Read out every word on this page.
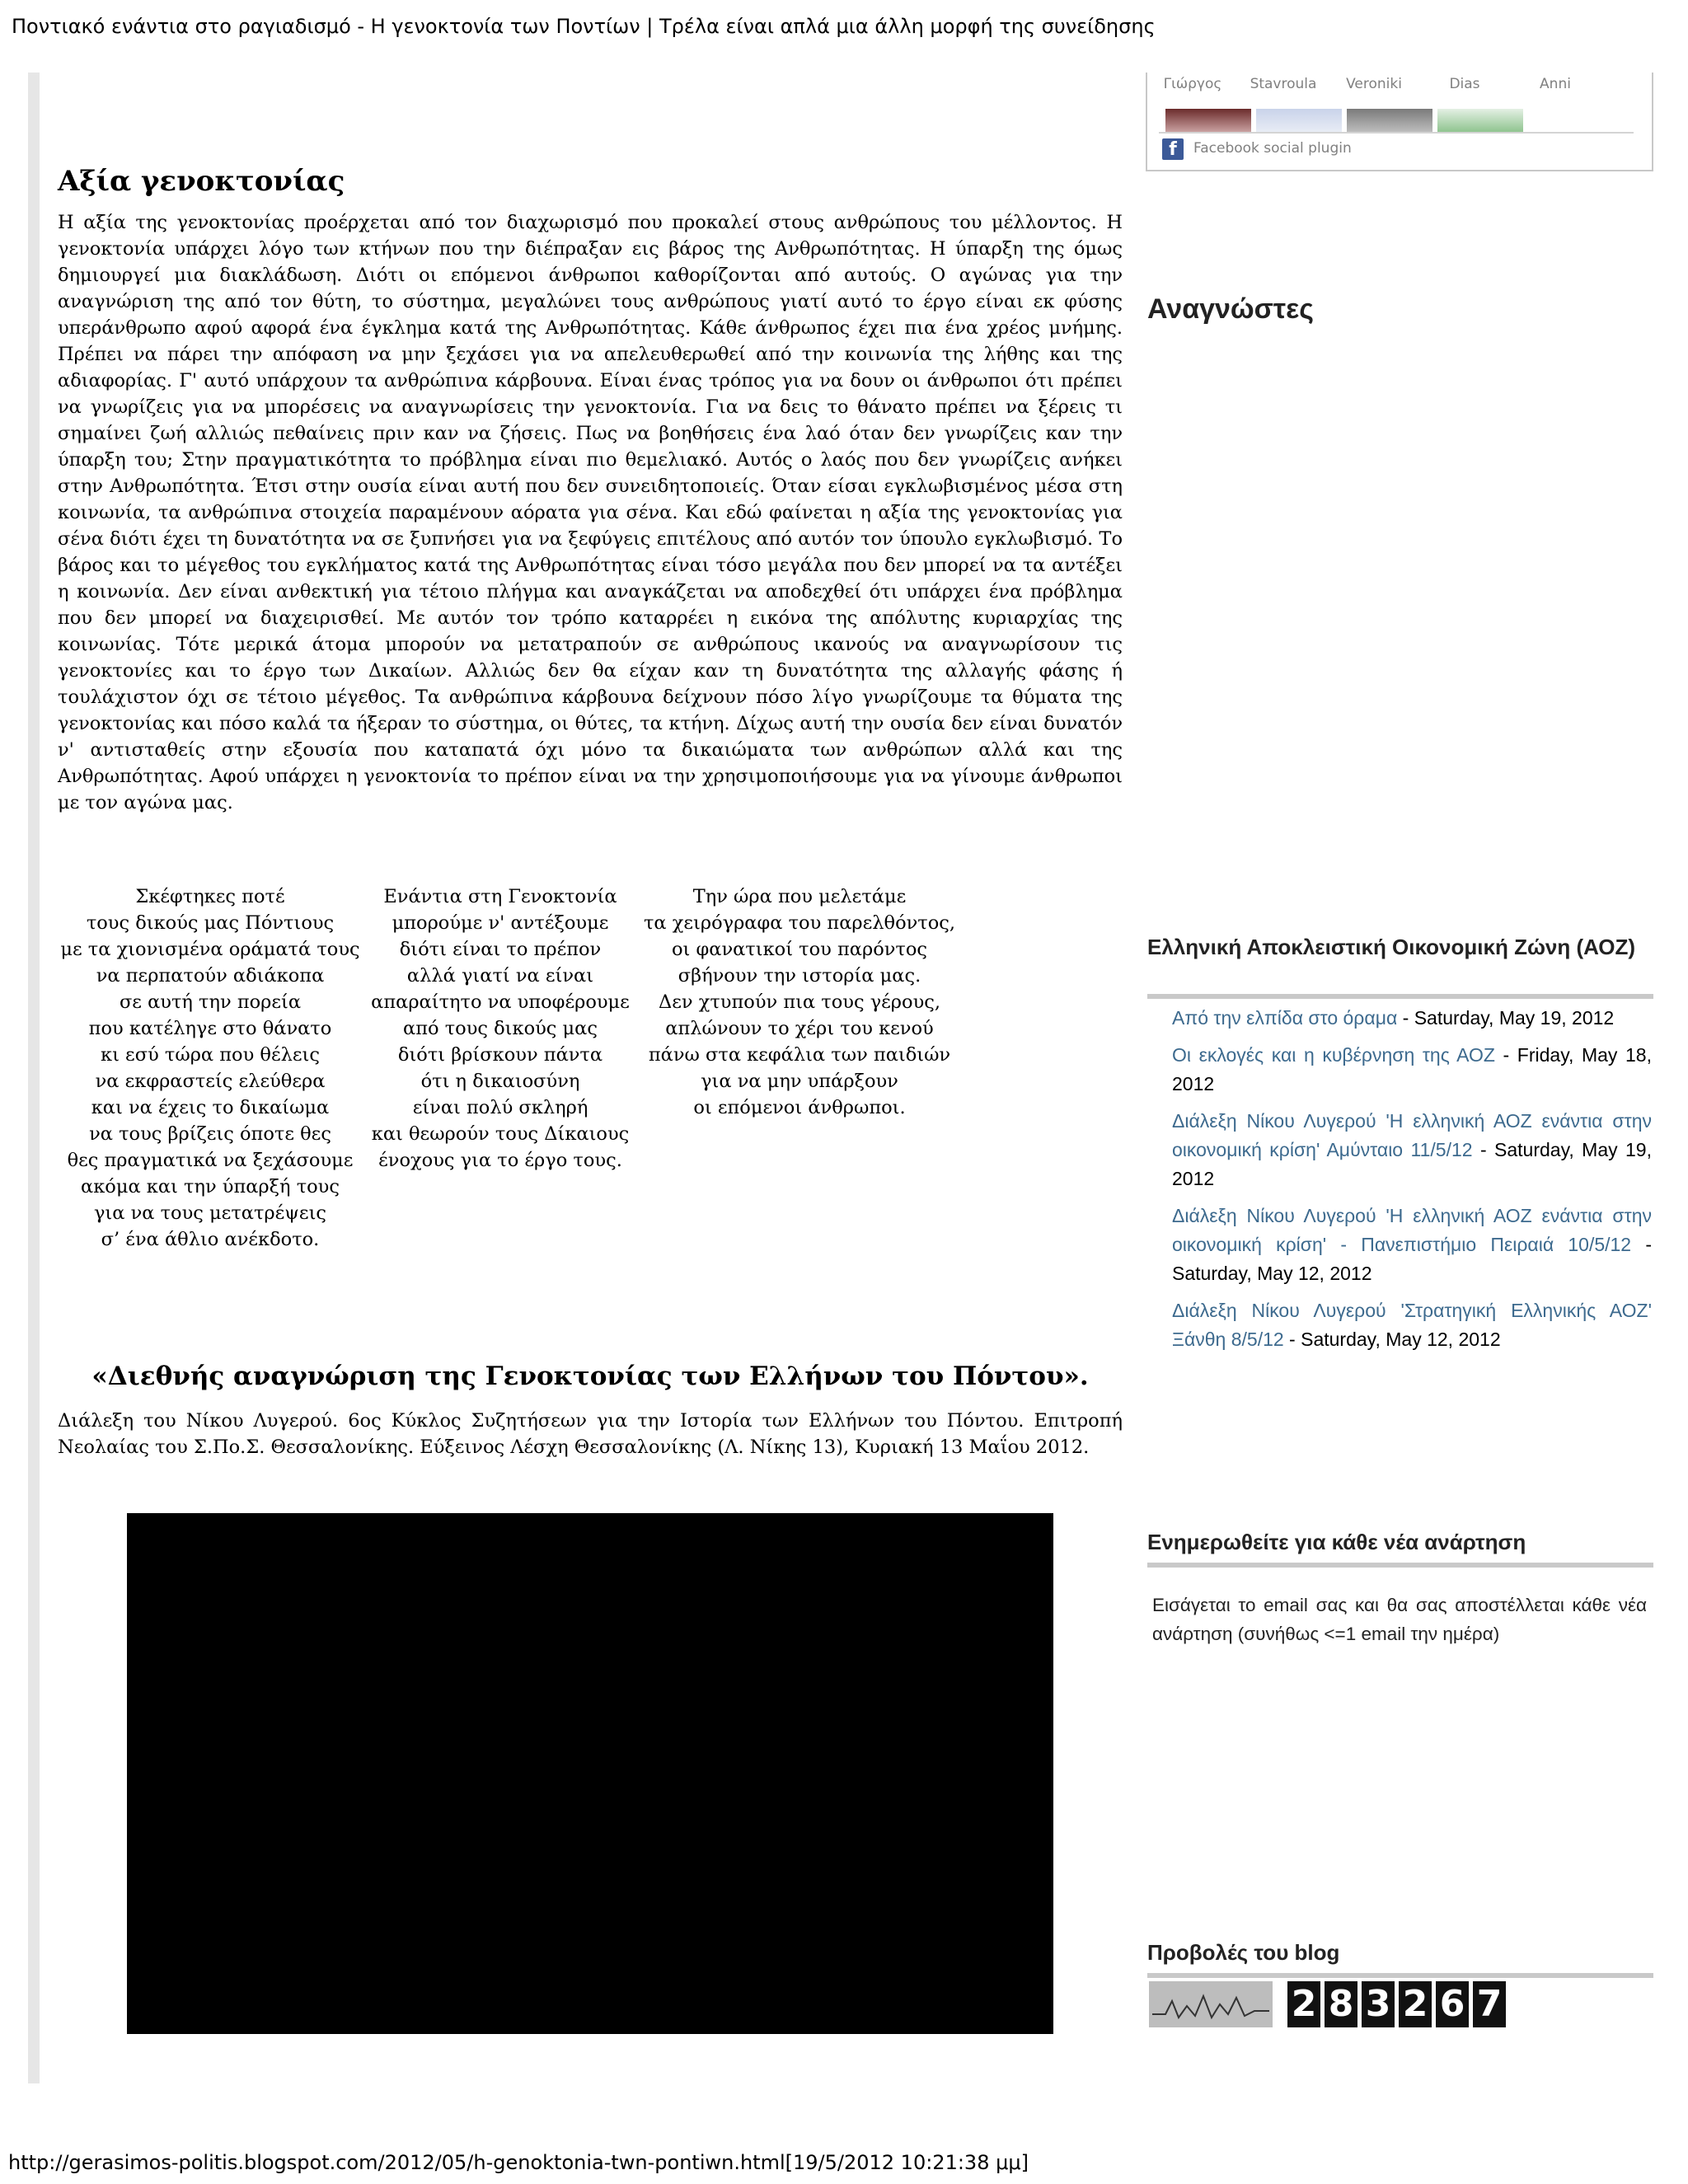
Ποντιακό ενάντια στο ραγιαδισμό - Η γενοκτονία των Ποντίων | Τρέλα είναι απλά μια άλλη μορφή της συνείδησης
Αξία γενοκτονίας

Η αξία της γενοκτονίας προέρχεται από τον διαχωρισμό που προκαλεί στους ανθρώπους του μέλλοντος. Η γενοκτονία υπάρχει λόγο των κτήνων που την διέπραξαν εις βάρος της Ανθρωπότητας. Η ύπαρξη της όμως δημιουργεί μια διακλάδωση. Διότι οι επόμενοι άνθρωποι καθορίζονται από αυτούς. Ο αγώνας για την αναγνώριση της από τον θύτη, το σύστημα, μεγαλώνει τους ανθρώπους γιατί αυτό το έργο είναι εκ φύσης υπεράνθρωπο αφού αφορά ένα έγκλημα κατά της Ανθρωπότητας. Κάθε άνθρωπος έχει πια ένα χρέος μνήμης. Πρέπει να πάρει την απόφαση να μην ξεχάσει για να απελευθερωθεί από την κοινωνία της λήθης και της αδιαφορίας. Γ' αυτό υπάρχουν τα ανθρώπινα κάρβουνα. Είναι ένας τρόπος για να δουν οι άνθρωποι ότι πρέπει να γνωρίζεις για να μπορέσεις να αναγνωρίσεις την γενοκτονία. Για να δεις το θάνατο πρέπει να ξέρεις τι σημαίνει ζωή αλλιώς πεθαίνεις πριν καν να ζήσεις. Πως να βοηθήσεις ένα λαό όταν δεν γνωρίζεις καν την ύπαρξη του; Στην πραγματικότητα το πρόβλημα είναι πιο θεμελιακό. Αυτός ο λαός που δεν γνωρίζεις ανήκει στην Ανθρωπότητα. Έτσι στην ουσία είναι αυτή που δεν συνειδητοποιείς. Όταν είσαι εγκλωβισμένος μέσα στη κοινωνία, τα ανθρώπινα στοιχεία παραμένουν αόρατα για σένα. Και εδώ φαίνεται η αξία της γενοκτονίας για σένα διότι έχει τη δυνατότητα να σε ξυπνήσει για να ξεφύγεις επιτέλους από αυτόν τον ύπουλο εγκλωβισμό. Το βάρος και το μέγεθος του εγκλήματος κατά της Ανθρωπότητας είναι τόσο μεγάλα που δεν μπορεί να τα αντέξει η κοινωνία. Δεν είναι ανθεκτική για τέτοιο πλήγμα και αναγκάζεται να αποδεχθεί ότι υπάρχει ένα πρόβλημα που δεν μπορεί να διαχειρισθεί. Με αυτόν τον τρόπο καταρρέει η εικόνα της απόλυτης κυριαρχίας της κοινωνίας. Τότε μερικά άτομα μπορούν να μετατραπούν σε ανθρώπους ικανούς να αναγνωρίσουν τις γενοκτονίες και το έργο των Δικαίων. Αλλιώς δεν θα είχαν καν τη δυνατότητα της αλλαγής φάσης ή τουλάχιστον όχι σε τέτοιο μέγεθος. Τα ανθρώπινα κάρβουνα δείχνουν πόσο λίγο γνωρίζουμε τα θύματα της γενοκτονίας και πόσο καλά τα ήξεραν το σύστημα, οι θύτες, τα κτήνη. Δίχως αυτή την ουσία δεν είναι δυνατόν ν' αντισταθείς στην εξουσία που καταπατά όχι μόνο τα δικαιώματα των ανθρώπων αλλά και της Ανθρωπότητας. Αφού υπάρχει η γενοκτονία το πρέπον είναι να την χρησιμοποιήσουμε για να γίνουμε άνθρωποι με τον αγώνα μας.

Σκέφτηκες ποτέ
τους δικούς μας Πόντιους
με τα χιονισμένα οράματά τους
να περπατούν αδιάκοπα
σε αυτή την πορεία
που κατέληγε στο θάνατο
κι εσύ τώρα που θέλεις
να εκφραστείς ελεύθερα
και να έχεις το δικαίωμα
να τους βρίζεις όποτε θες
θες πραγματικά να ξεχάσουμε
ακόμα και την ύπαρξή τους
για να τους μετατρέψεις
σ’ ένα άθλιο ανέκδοτο.
Ενάντια στη Γενοκτονία
μπορούμε ν' αντέξουμε
διότι είναι το πρέπον
αλλά γιατί να είναι
απαραίτητο να υποφέρουμε
από τους δικούς μας
διότι βρίσκουν πάντα
ότι η δικαιοσύνη
είναι πολύ σκληρή
και θεωρούν τους Δίκαιους
ένοχους για το έργο τους.
Την ώρα που μελετάμε
τα χειρόγραφα του παρελθόντος,
οι φανατικοί του παρόντος
σβήνουν την ιστορία μας.
Δεν χτυπούν πια τους γέρους,
απλώνουν το χέρι του κενού
πάνω στα κεφάλια των παιδιών
για να μην υπάρξουν
οι επόμενοι άνθρωποι.
«Διεθνής αναγνώριση της Γενοκτονίας των Ελλήνων του Πόντου».
Διάλεξη του Νίκου Λυγερού. 6ος Κύκλος Συζητήσεων για την Ιστορία των Ελλήνων του Πόντου. Επιτροπή Νεολαίας του Σ.Πο.Σ. Θεσσαλονίκης. Εύξεινος Λέσχη Θεσσαλονίκης (Λ. Νίκης 13), Κυριακή 13 Μαΐου 2012.
Γιώργος	Stavroula	Veroniki	Dias	Anni
f	Facebook social plugin
Αναγνώστες
Ελληνική Αποκλειστική Οικονομική Ζώνη (ΑΟΖ)
Από την ελπίδα στο όραμα - Saturday, May 19, 2012
Οι εκλογές και η κυβέρνηση της ΑΟΖ - Friday, May 18, 2012
Διάλεξη Νίκου Λυγερού 'Η ελληνική ΑΟΖ ενάντια στην οικονομική κρίση' Αμύνταιο 11/5/12 - Saturday, May 19, 2012
Διάλεξη Νίκου Λυγερού 'Η ελληνική ΑΟΖ ενάντια στην οικονομική κρίση' - Πανεπιστήμιο Πειραιά 10/5/12 - Saturday, May 12, 2012
Διάλεξη Νίκου Λυγερού 'Στρατηγική Ελληνικής ΑΟΖ' Ξάνθη 8/5/12 - Saturday, May 12, 2012
Ενημερωθείτε για κάθε νέα ανάρτηση
Εισάγεται το email σας και θα σας αποστέλλεται κάθε νέα ανάρτηση (συνήθως <=1 email την ημέρα)
Προβολές του blog
2 8 3 2 6 7
http://gerasimos-politis.blogspot.com/2012/05/h-genoktonia-twn-pontiwn.html[19/5/2012 10:21:38 μμ]
